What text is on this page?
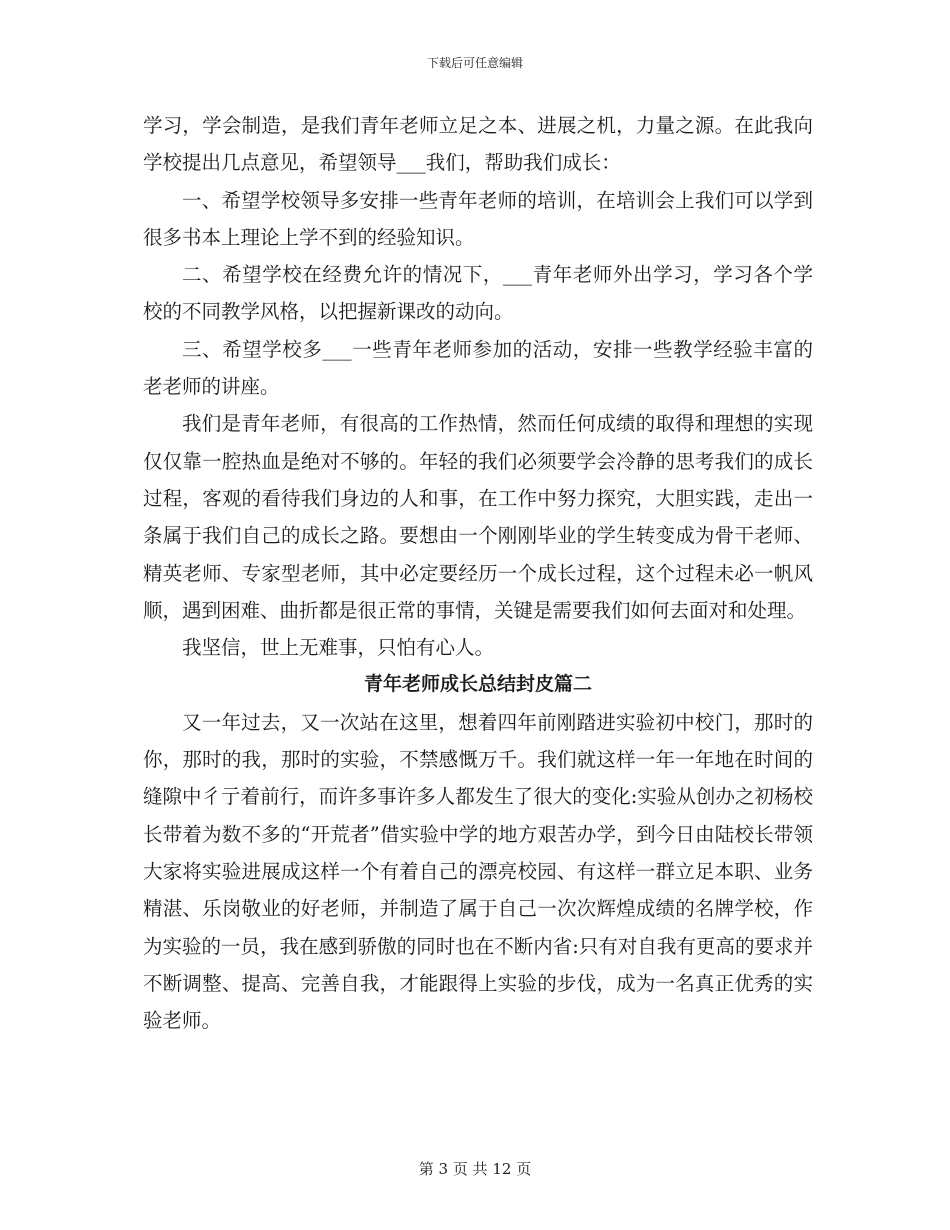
下载后可任意编辑

学习，学会制造，是我们青年老师立足之本、进展之机，力量之源。在此我向学校提出几点意见，希望领导___我们，帮助我们成长：

一、希望学校领导多安排一些青年老师的培训，在培训会上我们可以学到很多书本上理论上学不到的经验知识。

二、希望学校在经费允许的情况下，___青年老师外出学习，学习各个学校的不同教学风格，以把握新课改的动向。

三、希望学校多___一些青年老师参加的活动，安排一些教学经验丰富的老老师的讲座。

我们是青年老师，有很高的工作热情，然而任何成绩的取得和理想的实现仅仅靠一腔热血是绝对不够的。年轻的我们必须要学会冷静的思考我们的成长过程，客观的看待我们身边的人和事，在工作中努力探究，大胆实践，走出一条属于我们自己的成长之路。要想由一个刚刚毕业的学生转变成为骨干老师、精英老师、专家型老师，其中必定要经历一个成长过程，这个过程未必一帆风顺，遇到困难、曲折都是很正常的事情，关键是需要我们如何去面对和处理。

我坚信，世上无难事，只怕有心人。

青年老师成长总结封皮篇二

又一年过去，又一次站在这里，想着四年前刚踏进实验初中校门，那时的你，那时的我，那时的实验，不禁感慨万千。我们就这样一年一年地在时间的缝隙中彳亍着前行，而许多事许多人都发生了很大的变化:实验从创办之初杨校长带着为数不多的“开荒者”借实验中学的地方艰苦办学，到今日由陆校长带领大家将实验进展成这样一个有着自己的漂亮校园、有这样一群立足本职、业务精湛、乐岗敬业的好老师，并制造了属于自己一次次辉煌成绩的名牌学校，作为实验的一员，我在感到骄傲的同时也在不断内省:只有对自我有更高的要求并不断调整、提高、完善自我，才能跟得上实验的步伐，成为一名真正优秀的实验老师。

第 3 页 共 12 页
